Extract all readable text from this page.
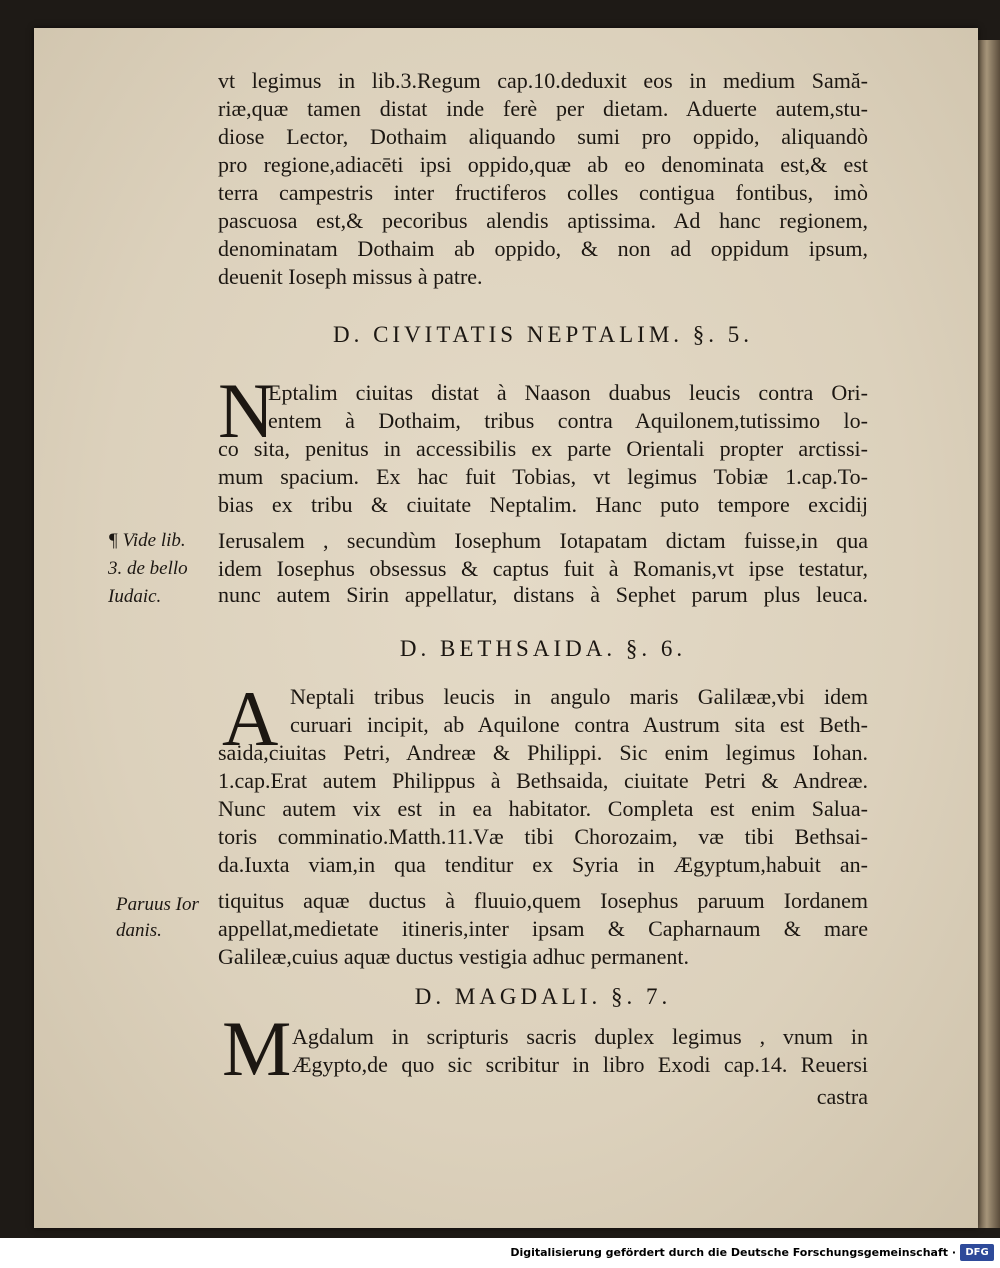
vt legimus in lib.3.Regum cap.10.deduxit eos in medium Samă-
riæ,quæ tamen distat inde ferè per dietam. Aduerte autem,stu-
diose Lector, Dothaim aliquando sumi pro oppido, aliquandò
pro regione,adiacēti ipsi oppido,quæ ab eo denominata est,& est
terra campestris inter fructiferos colles contigua fontibus, imò
pascuosa est,& pecoribus alendis aptissima. Ad hanc regionem,
denominatam Dothaim ab oppido, & non ad oppidum ipsum,
deuenit Ioseph missus à patre.
D. CIVITATIS NEPTALIM. §. 5.
N
Eptalim ciuitas distat à Naason duabus leucis contra Ori-
entem à Dothaim, tribus contra Aquilonem,tutissimo lo-
co sita, penitus in accessibilis ex parte Orientali propter arctissi-
mum spacium. Ex hac fuit Tobias, vt legimus Tobiæ 1.cap.To-
bias ex tribu & ciuitate Neptalim. Hanc puto tempore excidij
Ierusalem , secundùm Iosephum Iotapatam dictam fuisse,in qua
idem Iosephus obsessus & captus fuit à Romanis,vt ipse testatur,
nunc autem Sirin appellatur, distans à Sephet parum plus leuca.
¶ Vide lib.
3. de bello
Iudaic.
D. BETHSAIDA. §. 6.
A Neptali tribus leucis in angulo maris Galilææ,vbi idem
curuari incipit, ab Aquilone contra Austrum sita est Beth-
saida,ciuitas Petri, Andreæ & Philippi. Sic enim legimus Iohan.
1.cap.Erat autem Philippus à Bethsaida, ciuitate Petri & Andreæ.
Nunc autem vix est in ea habitator. Completa est enim Salua-
toris comminatio.Matth.11.Væ tibi Chorozaim, væ tibi Bethsai-
da.Iuxta viam,in qua tenditur ex Syria in Ægyptum,habuit an-
tiquitus aquæ ductus à fluuio,quem Iosephus paruum Iordanem
appellat,medietate itineris,inter ipsam & Capharnaum & mare
Galileæ,cuius aquæ ductus vestigia adhuc permanent.
Paruus Ior
danis.
D. MAGDALI. §. 7.
M Agdalum in scripturis sacris duplex legimus , vnum in
Ægypto,de quo sic scribitur in libro Exodi cap.14. Reuersi
castra
Digitalisierung gefördert durch die Deutsche Forschungsgemeinschaft · DFG
